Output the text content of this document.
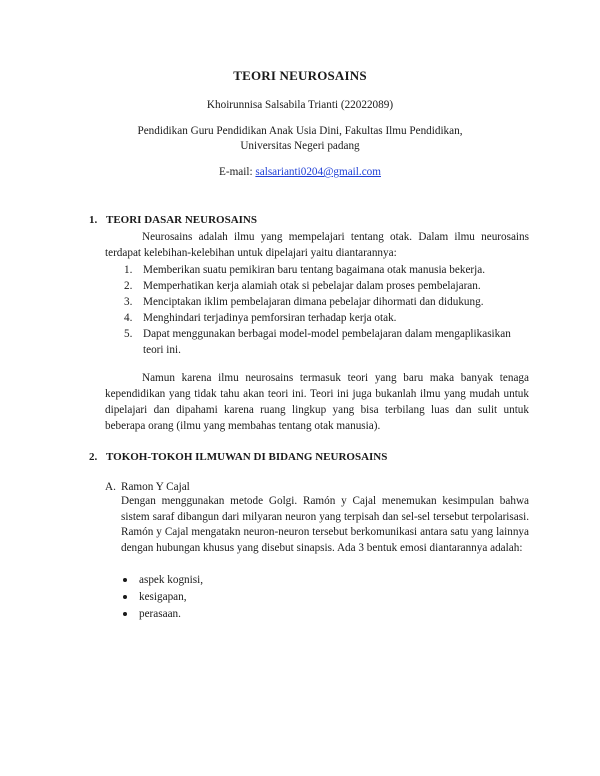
TEORI NEUROSAINS
Khoirunnisa Salsabila Trianti (22022089)
Pendidikan Guru Pendidikan Anak Usia Dini, Fakultas Ilmu Pendidikan, Universitas Negeri padang
E-mail: salsarianti0204@gmail.com
1. TEORI DASAR NEUROSAINS
Neurosains adalah ilmu yang mempelajari tentang otak. Dalam ilmu neurosains terdapat kelebihan-kelebihan untuk dipelajari yaitu diantarannya:
1. Memberikan suatu pemikiran baru tentang bagaimana otak manusia bekerja.
2. Memperhatikan kerja alamiah otak si pebelajar dalam proses pembelajaran.
3. Menciptakan iklim pembelajaran dimana pebelajar dihormati dan didukung.
4. Menghindari terjadinya pemforsiran terhadap kerja otak.
5. Dapat menggunakan berbagai model-model pembelajaran dalam mengaplikasikan teori ini.
Namun karena ilmu neurosains termasuk teori yang baru maka banyak tenaga kependidikan yang tidak tahu akan teori ini. Teori ini juga bukanlah ilmu yang mudah untuk dipelajari dan dipahami karena ruang lingkup yang bisa terbilang luas dan sulit untuk beberapa orang (ilmu yang membahas tentang otak manusia).
2. TOKOH-TOKOH ILMUWAN DI BIDANG NEUROSAINS
A. Ramon Y Cajal
Dengan menggunakan metode Golgi. Ramón y Cajal menemukan kesimpulan bahwa sistem saraf dibangun dari milyaran neuron yang terpisah dan sel-sel tersebut terpolarisasi. Ramón y Cajal mengatakn neuron-neuron tersebut berkomunikasi antara satu yang lainnya dengan hubungan khusus yang disebut sinapsis. Ada 3 bentuk emosi diantarannya adalah:
aspek kognisi,
kesigapan,
perasaan.
